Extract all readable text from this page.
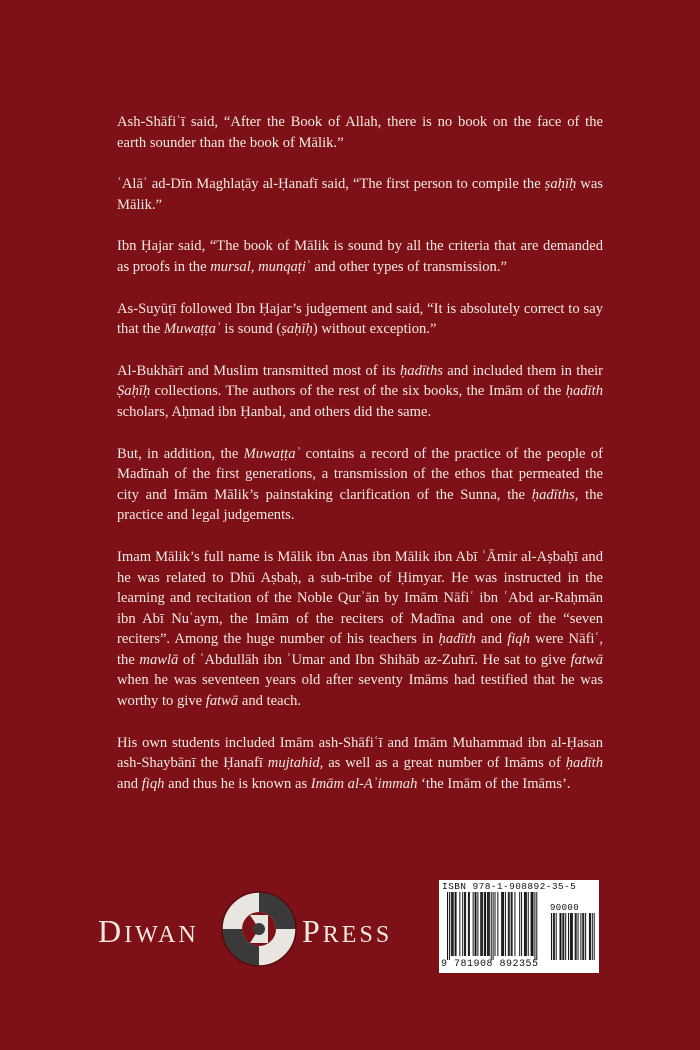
Ash-Shāfiʿī said, “After the Book of Allah, there is no book on the face of the earth sounder than the book of Mālik.”

ʿAlāʾ ad-Dīn Maghlaṭāy al-Ḥanafī said, “The first person to compile the ṣaḥīḥ was Mālik.”

Ibn Ḥajar said, “The book of Mālik is sound by all the criteria that are demanded as proofs in the mursal, munqaṭiʿ and other types of transmission.”

As-Suyūṭī followed Ibn Ḥajar’s judgement and said, “It is absolutely correct to say that the Muwaṭṭaʾ is sound (ṣaḥīḥ) without exception.”

Al-Bukhārī and Muslim transmitted most of its ḥadīths and included them in their Ṣaḥīḥ collections. The authors of the rest of the six books, the Imām of the ḥadīth scholars, Aḥmad ibn Ḥanbal, and others did the same.

But, in addition, the Muwaṭṭaʾ contains a record of the practice of the people of Madīnah of the first generations, a transmission of the ethos that permeated the city and Imām Mālik’s painstaking clarification of the Sunna, the ḥadīths, the practice and legal judgements.

Imam Mālik’s full name is Mālik ibn Anas ibn Mālik ibn Abī ʿĀmir al-Aṣbaḥī and he was related to Dhū Aṣbaḥ, a sub-tribe of Ḥimyar. He was instructed in the learning and recitation of the Noble Qurʾān by Imām Nāfiʿ ibn ʿAbd ar-Raḥmān ibn Abī Nuʿaym, the Imām of the reciters of Madīna and one of the “seven reciters”. Among the huge number of his teachers in ḥadīth and fiqh were Nāfiʿ, the mawlā of ʿAbdullāh ibn ʿUmar and Ibn Shihāb az-Zuhrī. He sat to give fatwā when he was seventeen years old after seventy Imāms had testified that he was worthy to give fatwā and teach.

His own students included Imām ash-Shāfiʿī and Imām Muhammad ibn al-Ḥasan ash-Shaybānī the Ḥanafī mujtahid, as well as a great number of Imāms of ḥadīth and fiqh and thus he is known as Imām al-Aʾimmah ‘the Imām of the Imāms’.

DIWAN	PRESS
ISBN 978-1-908892-35-5
90000
9 781908 892355
